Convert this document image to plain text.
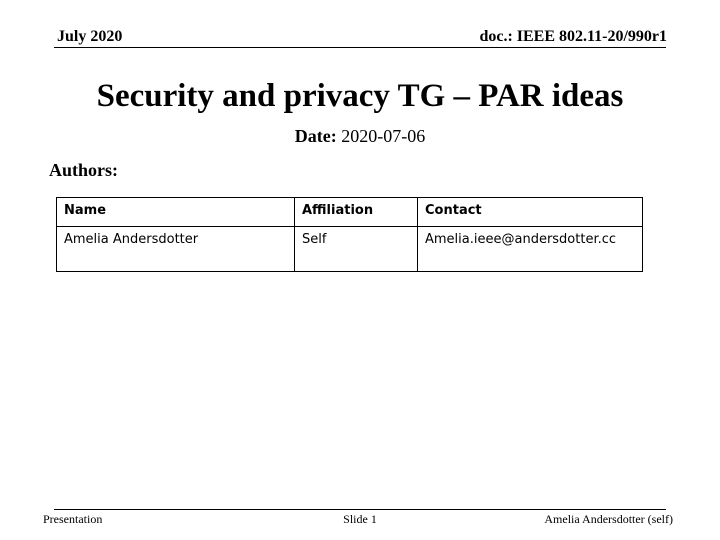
July 2020	doc.: IEEE 802.11-20/990r1
Security and privacy TG – PAR ideas
Date: 2020-07-06
Authors:
Name	Affiliation	Contact
Amelia Andersdotter	Self	Amelia.ieee@andersdotter.cc
Presentation	Slide 1	Amelia Andersdotter (self)
